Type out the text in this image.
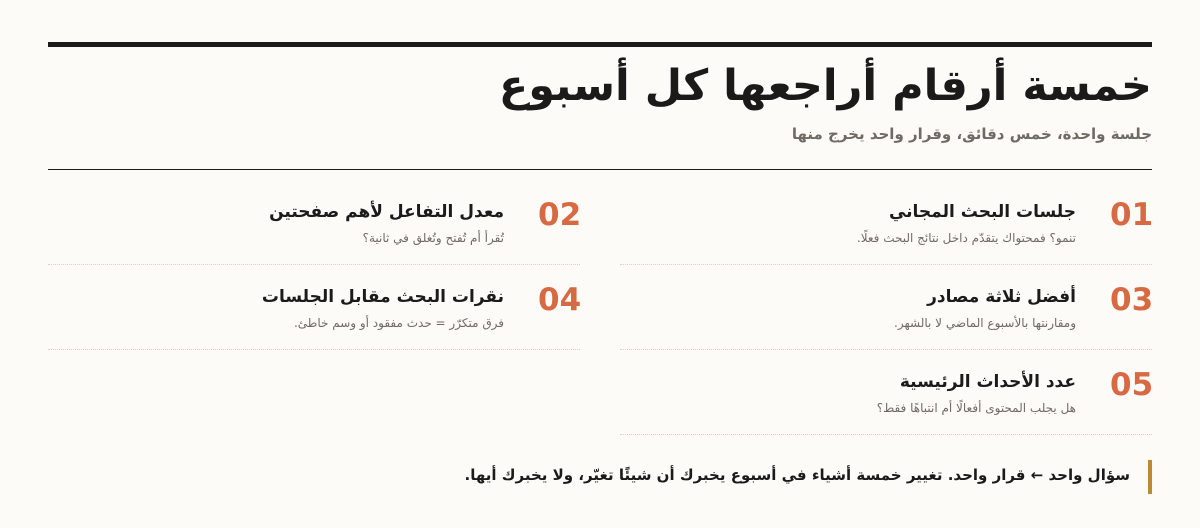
خمسة أرقام أراجعها كل أسبوع
جلسة واحدة، خمس دقائق، وقرار واحد يخرج منها
01
جلسات البحث المجاني
تنمو؟ فمحتواك يتقدّم داخل نتائج البحث فعلًا.
02
معدل التفاعل لأهم صفحتين
تُقرأ أم تُفتح وتُغلق في ثانية؟
03
أفضل ثلاثة مصادر
ومقارنتها بالأسبوع الماضي لا بالشهر.
04
نقرات البحث مقابل الجلسات
فرق متكرّر = حدث مفقود أو وسم خاطئ.
05
عدد الأحداث الرئيسية
هل يجلب المحتوى أفعالًا أم انتباهًا فقط؟
سؤال واحد ← قرار واحد. تغيير خمسة أشياء في أسبوع يخبرك أن شيئًا تغيّر، ولا يخبرك أيها.
